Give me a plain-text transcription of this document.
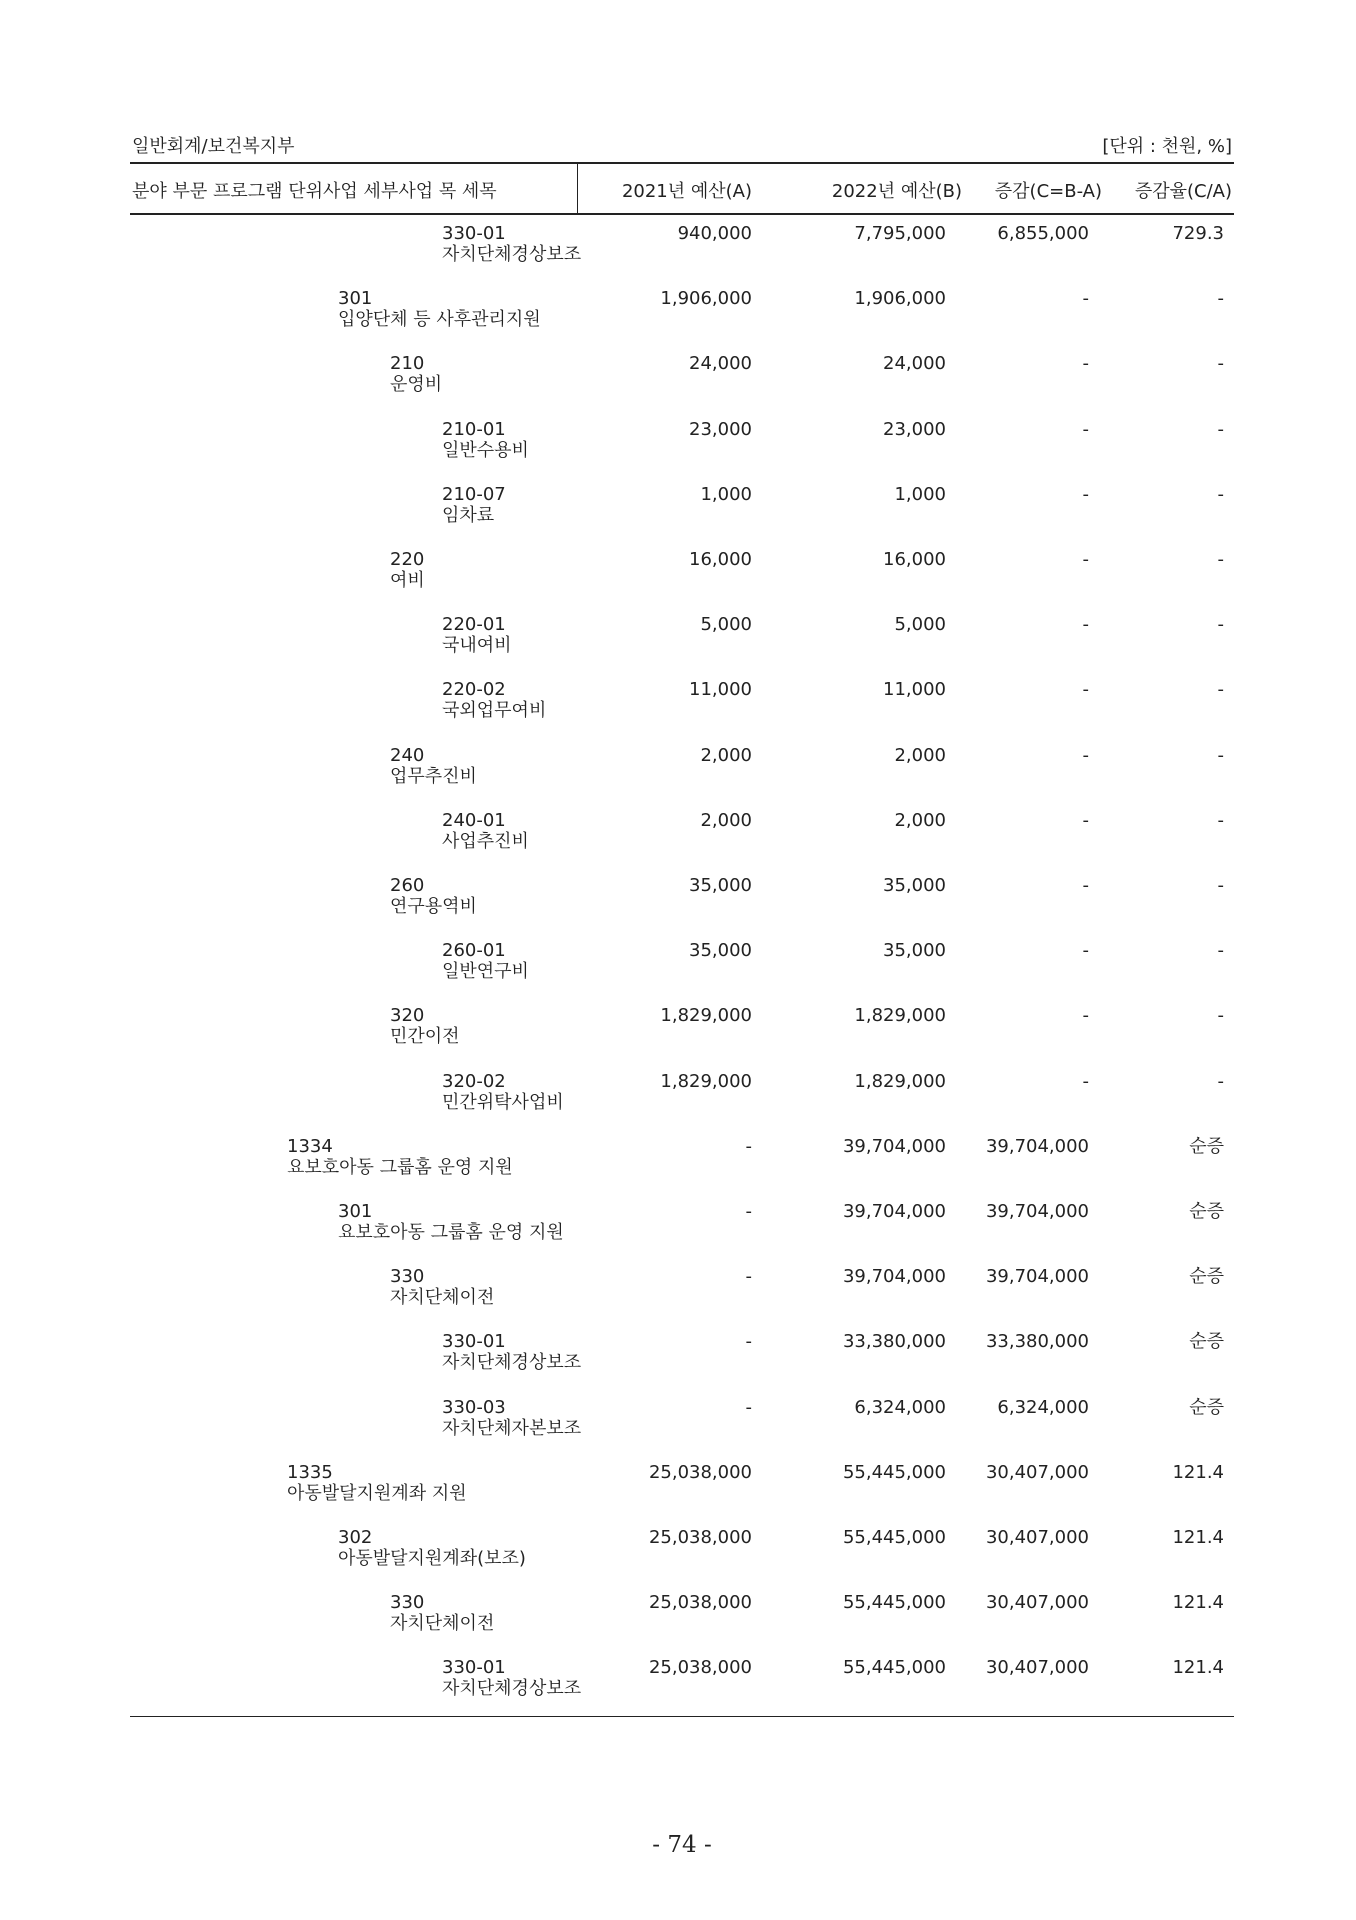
일반회계/보건복지부	[단위 : 천원, %]
분야 부문 프로그램 단위사업 세부사업 목 세목	2021년 예산(A)	2022년 예산(B) 증감(C=B-A) 증감율(C/A)
330-01
자치단체경상보조
940,000	7,795,000	6,855,000	729.3
301
입양단체 등 사후관리지원
1,906,000	1,906,000	-	-
210
운영비
24,000	24,000	-	-
210-01
일반수용비
23,000	23,000	-	-
210-07
임차료
1,000	1,000	-	-
220
여비
16,000	16,000	-	-
220-01
국내여비
5,000	5,000	-	-
220-02
국외업무여비
11,000	11,000	-	-
240
업무추진비
2,000	2,000	-	-
240-01
사업추진비
2,000	2,000	-	-
260
연구용역비
35,000	35,000	-	-
260-01
일반연구비
35,000	35,000	-	-
320
민간이전
1,829,000	1,829,000	-	-
320-02
민간위탁사업비
1,829,000	1,829,000	-	-
1334
요보호아동 그룹홈 운영 지원
-	39,704,000 39,704,000	순증
301
요보호아동 그룹홈 운영 지원
-	39,704,000 39,704,000	순증
330
자치단체이전
-	39,704,000 39,704,000	순증
330-01
자치단체경상보조
-	33,380,000 33,380,000	순증
330-03
자치단체자본보조
-	6,324,000	6,324,000	순증
1335
아동발달지원계좌 지원
25,038,000	55,445,000 30,407,000	121.4
302
아동발달지원계좌(보조)
25,038,000	55,445,000 30,407,000	121.4
330
자치단체이전
25,038,000	55,445,000 30,407,000	121.4
330-01
자치단체경상보조
25,038,000	55,445,000 30,407,000	121.4
- 74 -
